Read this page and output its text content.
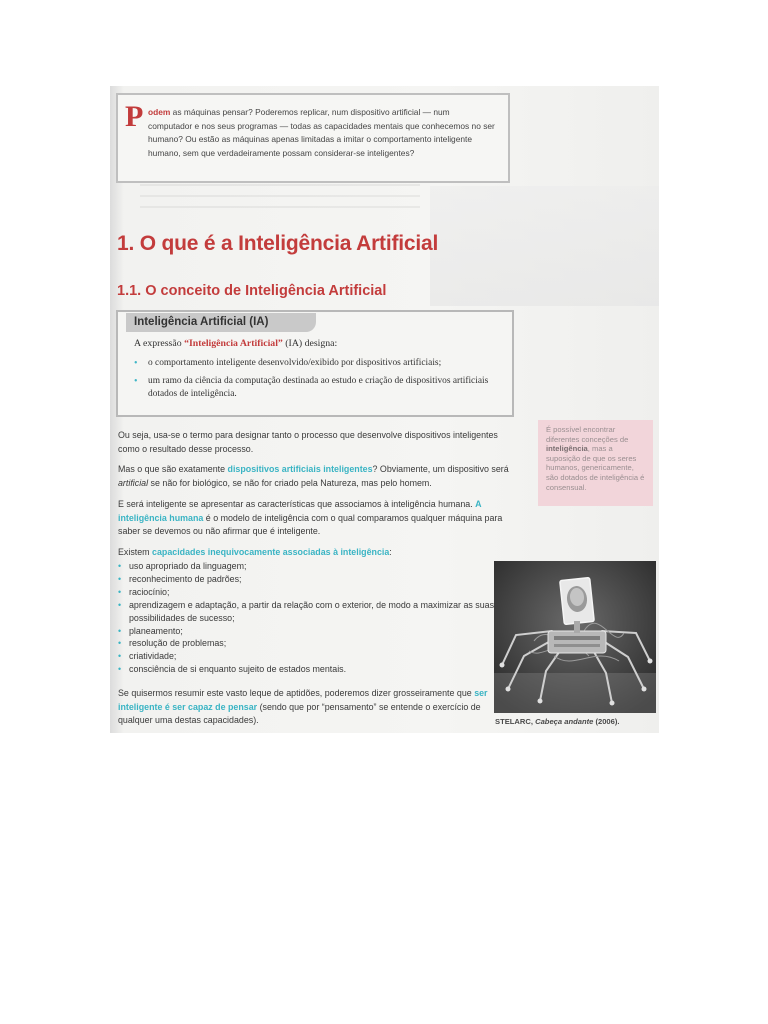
P odem as máquinas pensar? Poderemos replicar, num dispositivo artificial — num computador e nos seus programas — todas as capacidades mentais que conhecemos no ser humano? Ou estão as máquinas apenas limitadas a imitar o comportamento inteligente humano, sem que verdadeiramente possam considerar-se inteligentes?
1. O que é a Inteligência Artificial
1.1. O conceito de Inteligência Artificial
Inteligência Artificial (IA)
A expressão “Inteligência Artificial” (IA) designa:
• o comportamento inteligente desenvolvido/exibido por dispositivos artificiais;
• um ramo da ciência da computação destinada ao estudo e criação de dispositivos artificiais dotados de inteligência.
Ou seja, usa-se o termo para designar tanto o processo que desenvolve dispositivos inteligentes como o resultado desse processo.
Mas o que são exatamente dispositivos artificiais inteligentes? Obviamente, um dispositivo será artificial se não for biológico, se não for criado pela Natureza, mas pelo homem.
E será inteligente se apresentar as características que associamos à inteligência humana. A inteligência humana é o modelo de inteligência com o qual comparamos qualquer máquina para saber se devemos ou não afirmar que é inteligente.
Existem capacidades inequivocamente associadas à inteligência:
• uso apropriado da linguagem;
• reconhecimento de padrões;
• raciocínio;
• aprendizagem e adaptação, a partir da relação com o exterior, de modo a maximizar as suas possibilidades de sucesso;
• planeamento;
• resolução de problemas;
• criatividade;
• consciência de si enquanto sujeito de estados mentais.
Se quisermos resumir este vasto leque de aptidões, poderemos dizer grosseiramente que ser inteligente é ser capaz de pensar (sendo que por “pensamento” se entende o exercício de qualquer uma destas capacidades).
É possível encontrar diferentes conceções de inteligência, mas a suposição de que os seres humanos, genericamente, são dotados de inteligência é consensual.
STELARC, Cabeça andante (2006).
